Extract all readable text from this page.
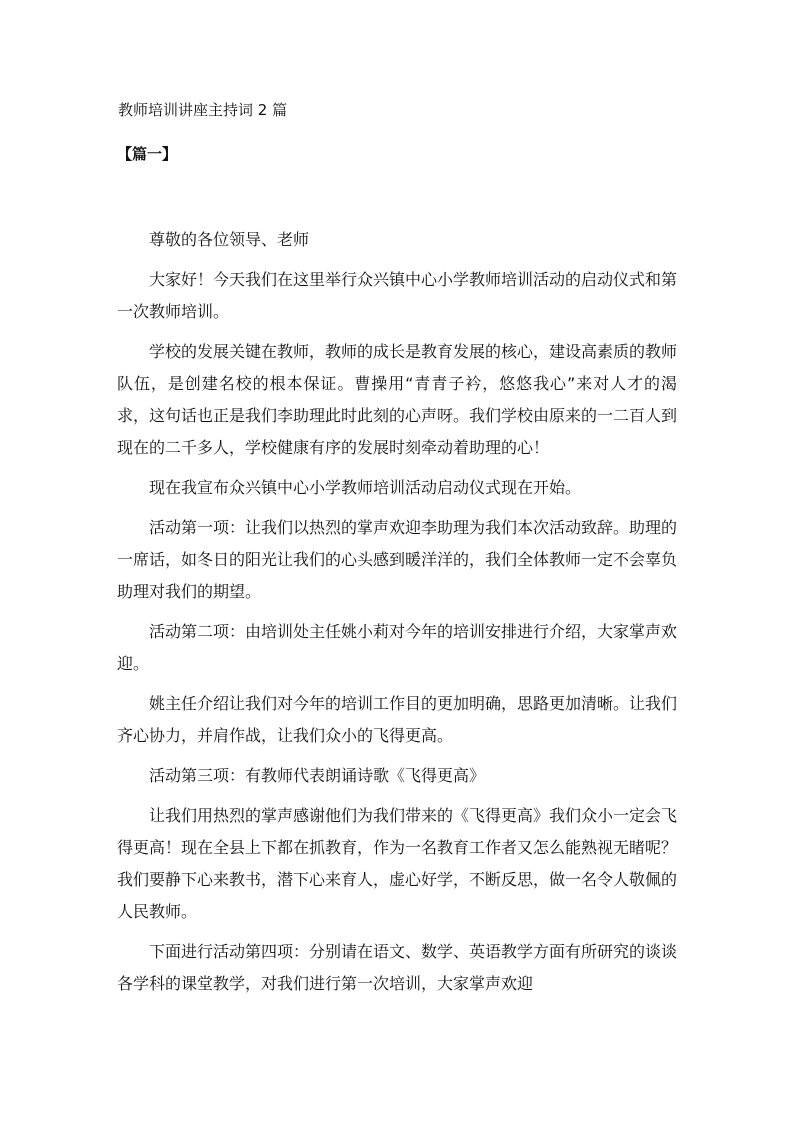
教师培训讲座主持词 2 篇

【篇一】

尊敬的各位领导、老师

大家好！今天我们在这里举行众兴镇中心小学教师培训活动的启动仪式和第一次教师培训。

学校的发展关键在教师，教师的成长是教育发展的核心，建设高素质的教师队伍，是创建名校的根本保证。曹操用“青青子衿，悠悠我心”来对人才的渴求，这句话也正是我们李助理此时此刻的心声呀。我们学校由原来的一二百人到现在的二千多人，学校健康有序的发展时刻牵动着助理的心！

现在我宣布众兴镇中心小学教师培训活动启动仪式现在开始。

活动第一项：让我们以热烈的掌声欢迎李助理为我们本次活动致辞。助理的一席话，如冬日的阳光让我们的心头感到暖洋洋的，我们全体教师一定不会辜负助理对我们的期望。

活动第二项：由培训处主任姚小莉对今年的培训安排进行介绍，大家掌声欢迎。

姚主任介绍让我们对今年的培训工作目的更加明确，思路更加清晰。让我们齐心协力，并肩作战，让我们众小的飞得更高。

活动第三项：有教师代表朗诵诗歌《飞得更高》

让我们用热烈的掌声感谢他们为我们带来的《飞得更高》我们众小一定会飞得更高！现在全县上下都在抓教育，作为一名教育工作者又怎么能熟视无睹呢？我们要静下心来教书，潜下心来育人，虚心好学，不断反思，做一名令人敬佩的人民教师。

下面进行活动第四项：分别请在语文、数学、英语教学方面有所研究的谈谈各学科的课堂教学，对我们进行第一次培训，大家掌声欢迎
